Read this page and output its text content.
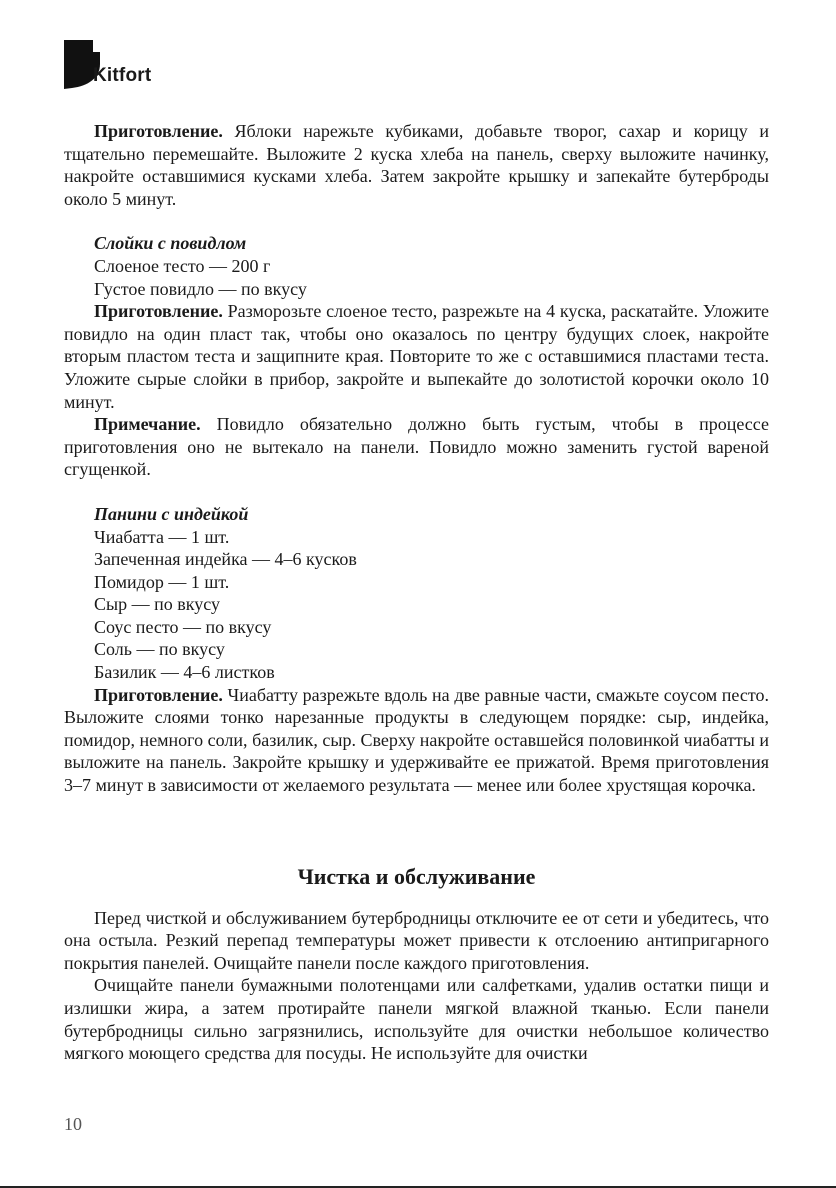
Kitfort

Приготовление. Яблоки нарежьте кубиками, добавьте творог, сахар и корицу и тщательно перемешайте. Выложите 2 куска хлеба на панель, сверху выложите начинку, накройте оставшимися кусками хлеба. Затем закройте крышку и запекайте бутерброды около 5 минут.

Слойки с повидлом
Слоеное тесто — 200 г
Густое повидло — по вкусу

Приготовление. Разморозьте слоеное тесто, разрежьте на 4 куска, раскатайте. Уложите повидло на один пласт так, чтобы оно оказалось по центру будущих слоек, накройте вторым пластом теста и защипните края. Повторите то же с оставшимися пластами теста. Уложите сырые слойки в прибор, закройте и выпекайте до золотистой корочки около 10 минут.

Примечание. Повидло обязательно должно быть густым, чтобы в процессе приготовления оно не вытекало на панели. Повидло можно заменить густой вареной сгущенкой.

Панини с индейкой
Чиабатта — 1 шт.
Запеченная индейка — 4–6 кусков
Помидор — 1 шт.
Сыр — по вкусу
Соус песто — по вкусу
Соль — по вкусу
Базилик — 4–6 листков

Приготовление. Чиабатту разрежьте вдоль на две равные части, смажьте соусом песто. Выложите слоями тонко нарезанные продукты в следующем порядке: сыр, индейка, помидор, немного соли, базилик, сыр. Сверху накройте оставшейся половинкой чиабатты и выложите на панель. Закройте крышку и удерживайте ее прижатой. Время приготовления 3–7 минут в зависимости от желаемого результата — менее или более хрустящая корочка.

Чистка и обслуживание

Перед чисткой и обслуживанием бутербродницы отключите ее от сети и убедитесь, что она остыла. Резкий перепад температуры может привести к отслоению антипригарного покрытия панелей. Очищайте панели после каждого приготовления.

Очищайте панели бумажными полотенцами или салфетками, удалив остатки пищи и излишки жира, а затем протирайте панели мягкой влажной тканью. Если панели бутербродницы сильно загрязнились, используйте для очистки небольшое количество мягкого моющего средства для посуды. Не используйте для очистки

10
